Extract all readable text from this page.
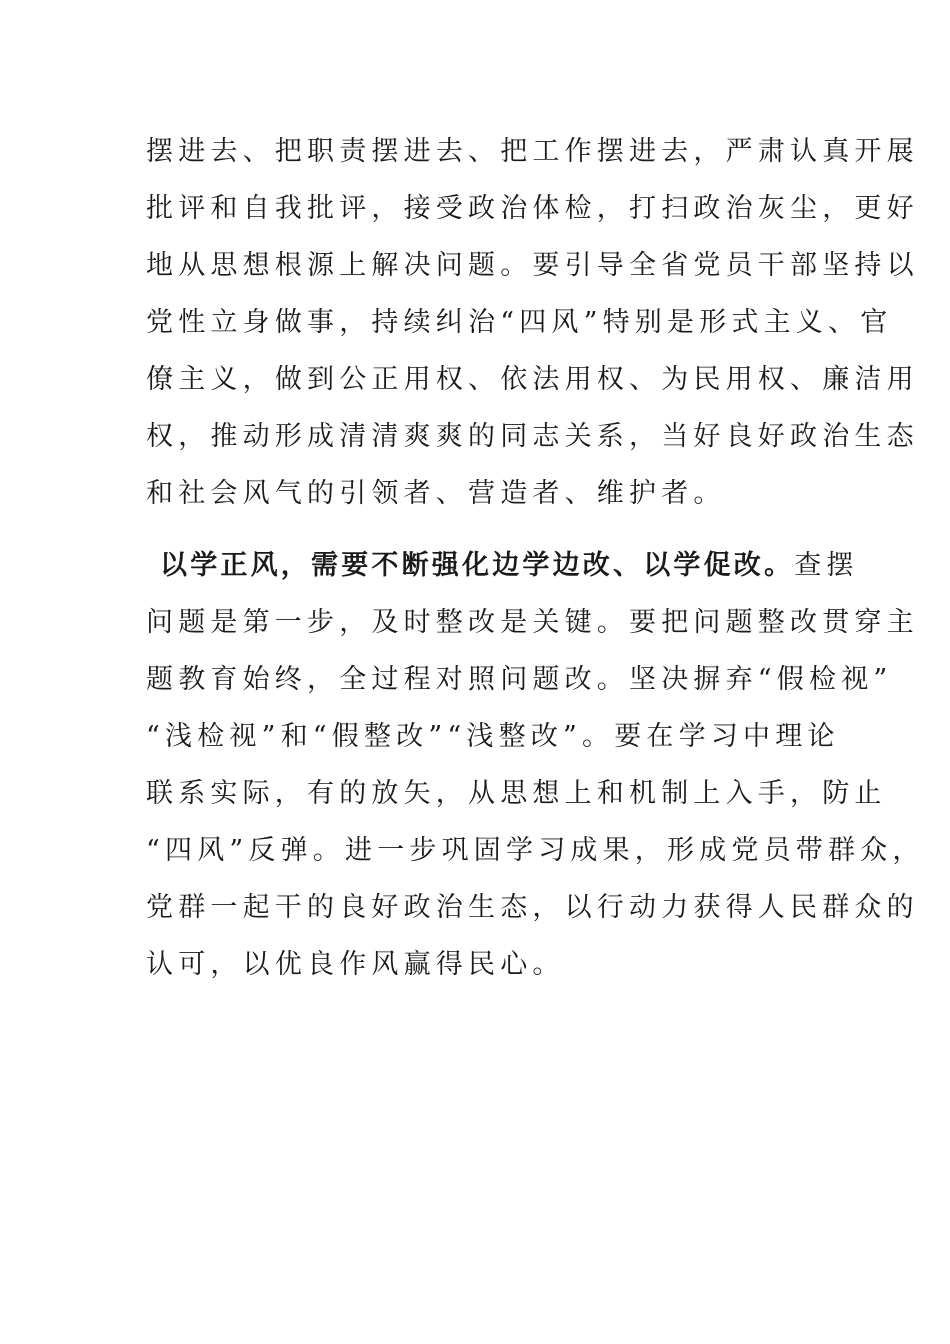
摆进去、把职责摆进去、把工作摆进去，严肃认真开展
批评和自我批评，接受政治体检，打扫政治灰尘，更好
地从思想根源上解决问题。要引导全省党员干部坚持以
党性立身做事，持续纠治“四风”特别是形式主义、官
僚主义，做到公正用权、依法用权、为民用权、廉洁用
权，推动形成清清爽爽的同志关系，当好良好政治生态
和社会风气的引领者、营造者、维护者。
以学正风，需要不断强化边学边改、以学促改。查摆
问题是第一步，及时整改是关键。要把问题整改贯穿主
题教育始终，全过程对照问题改。坚决摒弃“假检视”
“浅检视”和“假整改”“浅整改”。要在学习中理论
联系实际，有的放矢，从思想上和机制上入手，防止
“四风”反弹。进一步巩固学习成果，形成党员带群众，
党群一起干的良好政治生态，以行动力获得人民群众的
认可，以优良作风赢得民心。
